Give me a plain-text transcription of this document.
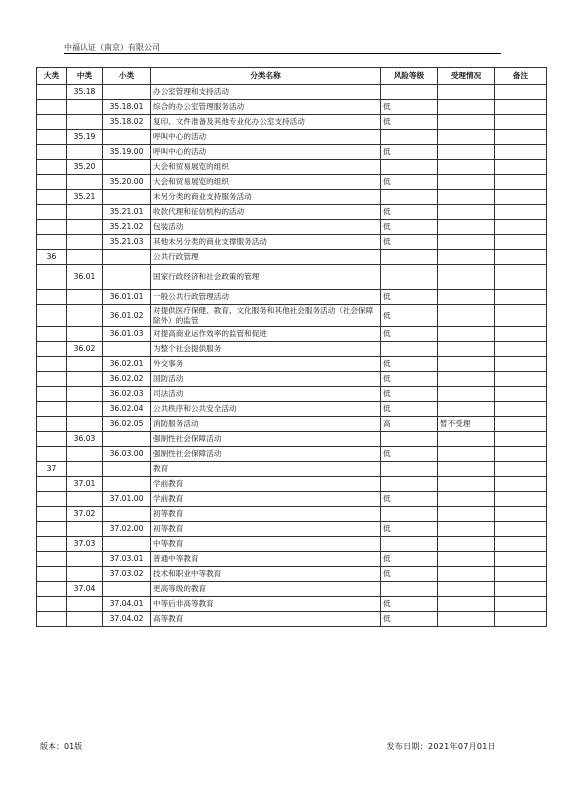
中福认证（南京）有限公司
大类	中类	小类	分类名称	风险等级	受理情况	备注
	35.18		办公室管理和支持活动			
		35.18.01	综合的办公室管理服务活动	低		
		35.18.02	复印、文件准备及其他专业化办公室支持活动	低		
	35.19		呼叫中心的活动			
		35.19.00	呼叫中心的活动	低		
	35.20		大会和贸易展览的组织			
		35.20.00	大会和贸易展览的组织	低		
	35.21		未另分类的商业支持服务活动			
		35.21.01	收款代理和征信机构的活动	低		
		35.21.02	包装活动	低		
		35.21.03	其他未另分类的商业支撑服务活动	低		
36			公共行政管理			
	36.01		国家行政经济和社会政策的管理			
		36.01.01	一般公共行政管理活动	低		
		36.01.02	对提供医疗保健、教育、文化服务和其他社会服务活动（社会保障除外）的监管	低		
		36.01.03	对提高商业运作效率的监管和促进	低		
	36.02		为整个社会提供服务			
		36.02.01	外交事务	低		
		36.02.02	国防活动	低		
		36.02.03	司法活动	低		
		36.02.04	公共秩序和公共安全活动	低		
		36.02.05	消防服务活动	高	暂不受理	
	36.03		强制性社会保障活动			
		36.03.00	强制性社会保障活动	低		
37			教育			
	37.01		学前教育			
		37.01.00	学前教育	低		
	37.02		初等教育			
		37.02.00	初等教育	低		
	37.03		中等教育			
		37.03.01	普通中等教育	低		
		37.03.02	技术和职业中等教育	低		
	37.04		更高等级的教育			
		37.04.01	中等后非高等教育	低		
		37.04.02	高等教育	低		
版本：01版	发布日期：2021年07月01日
